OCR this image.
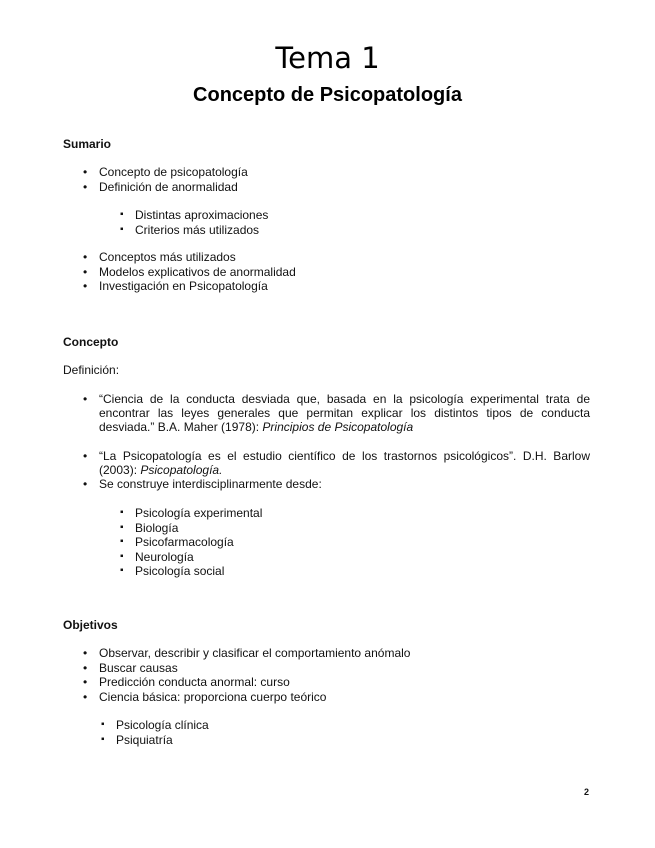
Tema 1
Concepto de Psicopatología

Sumario

• Concepto de psicopatología
• Definición de anormalidad
▪ Distintas aproximaciones
▪ Criterios más utilizados
• Conceptos más utilizados
• Modelos explicativos de anormalidad
• Investigación en Psicopatología

Concepto

Definición:

• “Ciencia de la conducta desviada que, basada en la psicología experimental trata de encontrar las leyes generales que permitan explicar los distintos tipos de conducta desviada.” B.A. Maher (1978): Principios de Psicopatología
• “La Psicopatología es el estudio científico de los trastornos psicológicos”. D.H. Barlow (2003): Psicopatología.
• Se construye interdisciplinarmente desde:
▪ Psicología experimental
▪ Biología
▪ Psicofarmacología
▪ Neurología
▪ Psicología social

Objetivos

• Observar, describir y clasificar el comportamiento anómalo
• Buscar causas
• Predicción conducta anormal: curso
• Ciencia básica: proporciona cuerpo teórico
▪ Psicología clínica
▪ Psiquiatría
2
